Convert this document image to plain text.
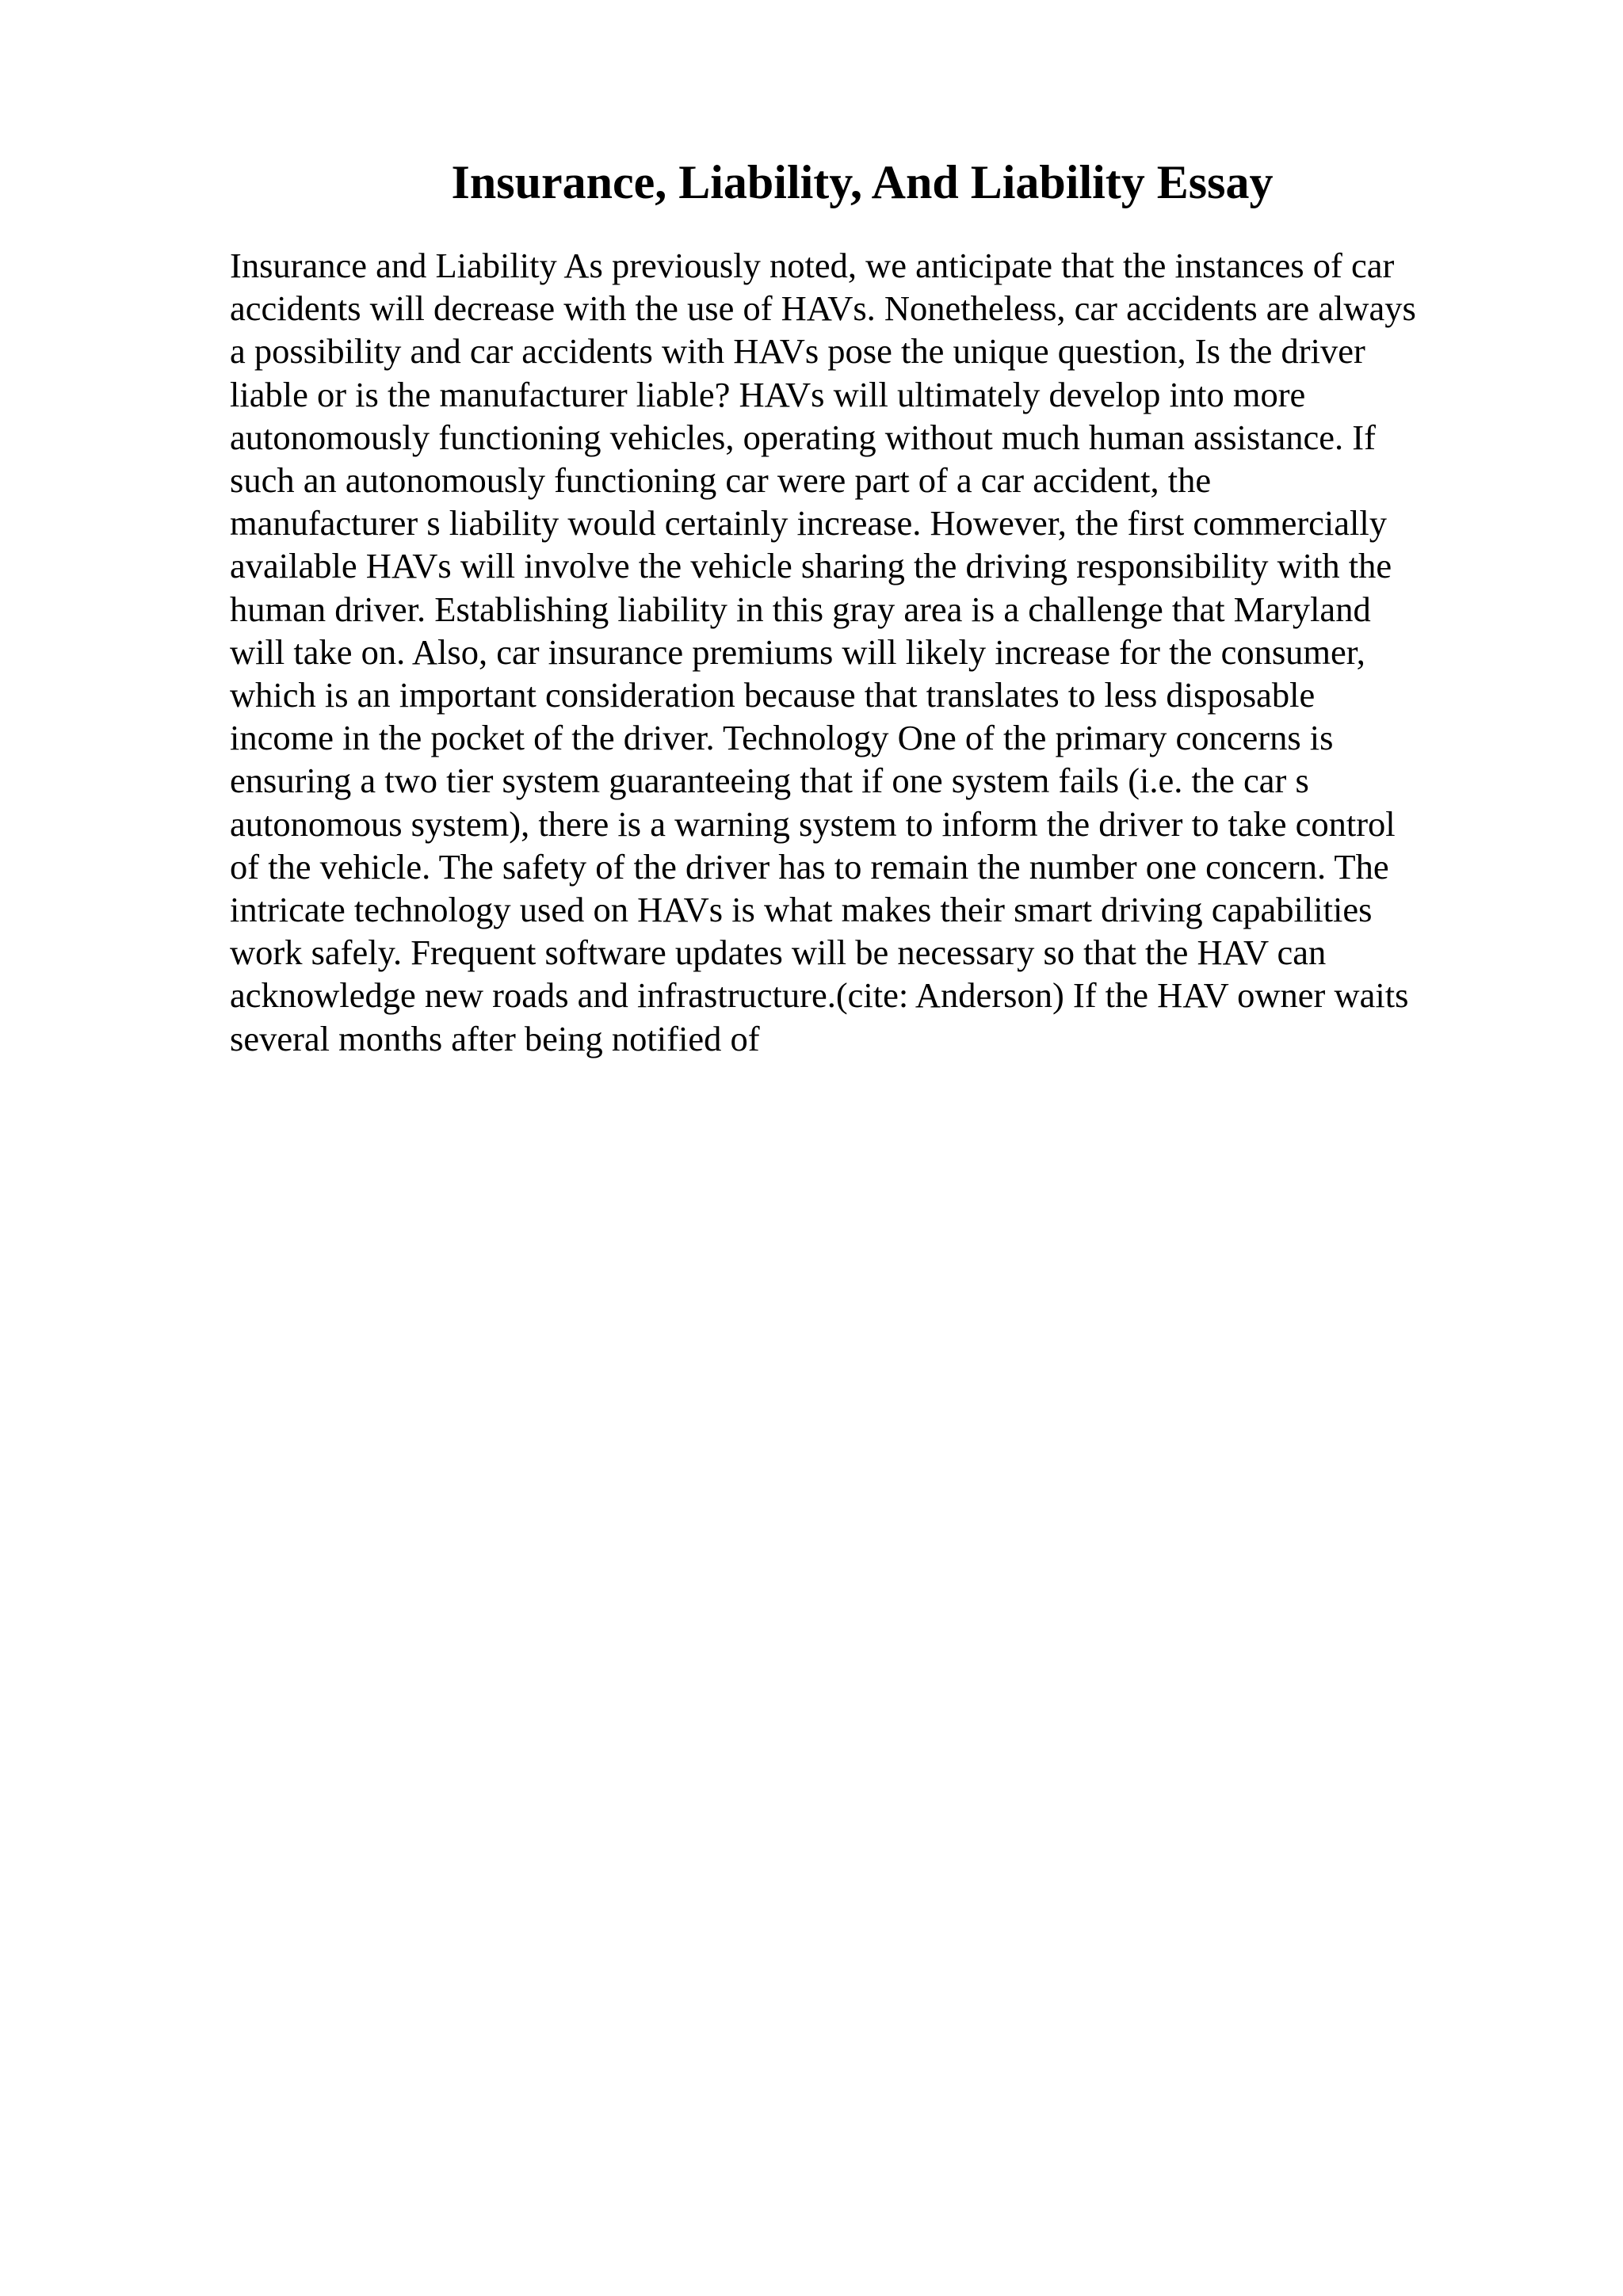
Insurance, Liability, And Liability Essay
Insurance and Liability As previously noted, we anticipate that the instances of car
accidents will decrease with the use of HAVs. Nonetheless, car accidents are always
a possibility and car accidents with HAVs pose the unique question, Is the driver
liable or is the manufacturer liable? HAVs will ultimately develop into more
autonomously functioning vehicles, operating without much human assistance. If
such an autonomously functioning car were part of a car accident, the
manufacturer s liability would certainly increase. However, the first commercially
available HAVs will involve the vehicle sharing the driving responsibility with the
human driver. Establishing liability in this gray area is a challenge that Maryland
will take on. Also, car insurance premiums will likely increase for the consumer,
which is an important consideration because that translates to less disposable
income in the pocket of the driver. Technology One of the primary concerns is
ensuring a two tier system guaranteeing that if one system fails (i.e. the car s
autonomous system), there is a warning system to inform the driver to take control
of the vehicle. The safety of the driver has to remain the number one concern. The
intricate technology used on HAVs is what makes their smart driving capabilities
work safely. Frequent software updates will be necessary so that the HAV can
acknowledge new roads and infrastructure.(cite: Anderson) If the HAV owner waits
several months after being notified of
